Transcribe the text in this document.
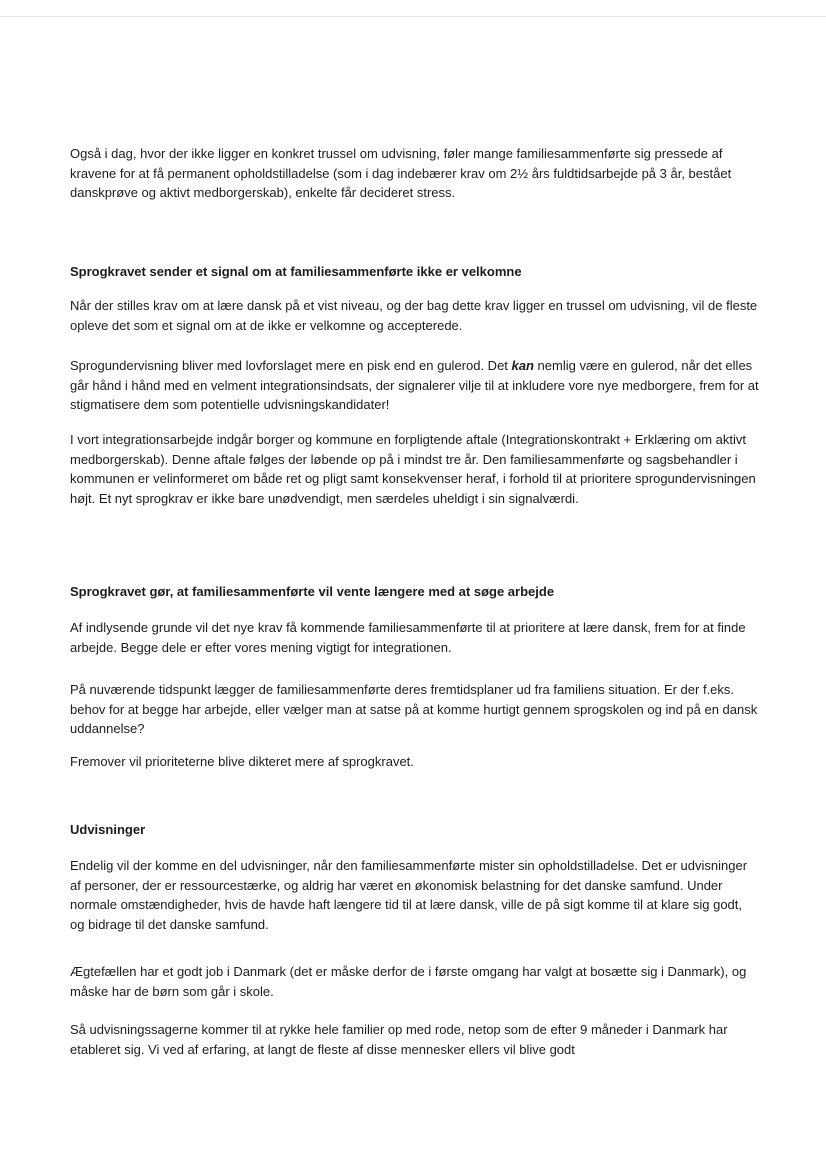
Også i dag, hvor der ikke ligger en konkret trussel om udvisning, føler mange familiesammenførte sig pressede af kravene for at få permanent opholdstilladelse (som i dag indebærer krav om 2½ års fuldtidsarbejde på 3 år, bestået danskprøve og aktivt medborgerskab), enkelte får decideret stress.

Sprogkravet sender et signal om at familiesammenførte ikke er velkomne

Når der stilles krav om at lære dansk på et vist niveau, og der bag dette krav ligger en trussel om udvisning, vil de fleste opleve det som et signal om at de ikke er velkomne og accepterede.

Sprogundervisning bliver med lovforslaget mere en pisk end en gulerod. Det kan nemlig være en gulerod, når det elles går hånd i hånd med en velment integrationsindsats, der signalerer vilje til at inkludere vore nye medborgere, frem for at stigmatisere dem som potentielle udvisningskandidater!

I vort integrationsarbejde indgår borger og kommune en forpligtende aftale (Integrationskontrakt + Erklæring om aktivt medborgerskab). Denne aftale følges der løbende op på i mindst tre år. Den familiesammenførte og sagsbehandler i kommunen er velinformeret om både ret og pligt samt konsekvenser heraf, i forhold til at prioritere sprogundervisningen højt. Et nyt sprogkrav er ikke bare unødvendigt, men særdeles uheldigt i sin signalværdi.

Sprogkravet gør, at familiesammenførte vil vente længere med at søge arbejde

Af indlysende grunde vil det nye krav få kommende familiesammenførte til at prioritere at lære dansk, frem for at finde arbejde. Begge dele er efter vores mening vigtigt for integrationen.

På nuværende tidspunkt lægger de familiesammenførte deres fremtidsplaner ud fra familiens situation. Er der f.eks. behov for at begge har arbejde, eller vælger man at satse på at komme hurtigt gennem sprogskolen og ind på en dansk uddannelse?

Fremover vil prioriteterne blive dikteret mere af sprogkravet.

Udvisninger

Endelig vil der komme en del udvisninger, når den familiesammenførte mister sin opholdstilladelse. Det er udvisninger af personer, der er ressourcestærke, og aldrig har været en økonomisk belastning for det danske samfund. Under normale omstændigheder, hvis de havde haft længere tid til at lære dansk, ville de på sigt komme til at klare sig godt, og bidrage til det danske samfund.

Ægtefællen har et godt job i Danmark (det er måske derfor de i første omgang har valgt at bosætte sig i Danmark), og måske har de børn som går i skole.

Så udvisningssagerne kommer til at rykke hele familier op med rode, netop som de efter 9 måneder i Danmark har etableret sig. Vi ved af erfaring, at langt de fleste af disse mennesker ellers vil blive godt
